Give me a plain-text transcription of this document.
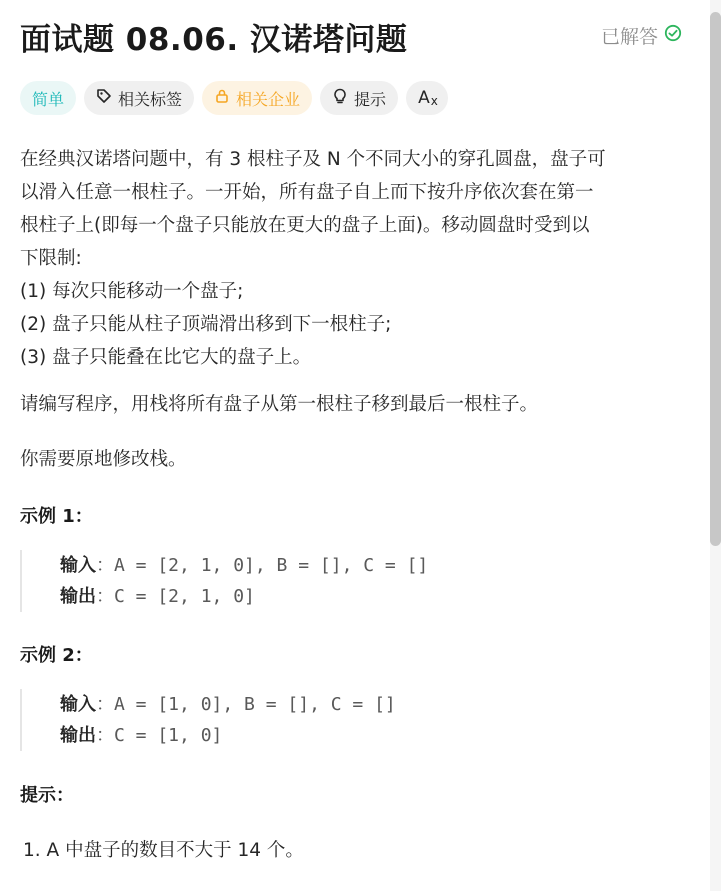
面试题 08.06. 汉诺塔问题	已解答
简单	相关标签	相关企业	提示 A x

在经典汉诺塔问题中，有 3 根柱子及 N 个不同大小的穿孔圆盘，盘子可

以滑入任意一根柱子。一开始，所有盘子自上而下按升序依次套在第一

根柱子上(即每一个盘子只能放在更大的盘子上面)。移动圆盘时受到以

下限制:

(1) 每次只能移动一个盘子;

(2) 盘子只能从柱子顶端滑出移到下一根柱子;

(3) 盘子只能叠在比它大的盘子上。

请编写程序，用栈将所有盘子从第一根柱子移到最后一根柱子。
你需要原地修改栈。
示例 1：
输入：A = [2, 1, 0], B = [], C = []
输出：C = [2, 1, 0]
示例 2：
输入：A = [1, 0], B = [], C = []
输出：C = [1, 0]
提示：
1. A 中盘子的数目不大于 14 个。
